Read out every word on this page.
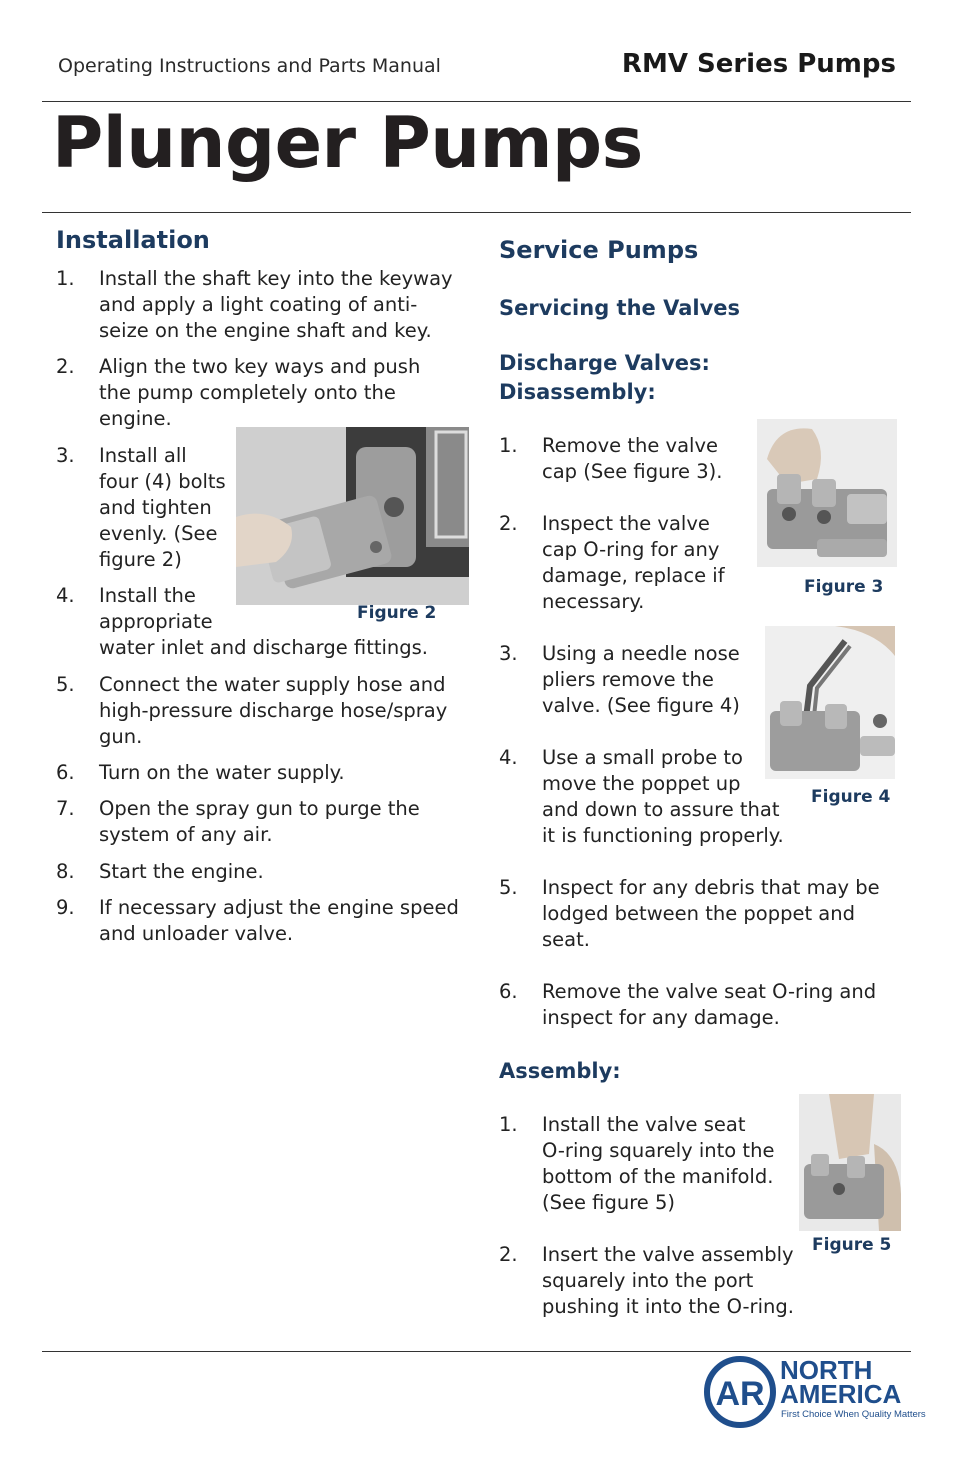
Operating Instructions and Parts Manual	RMV Series Pumps
Plunger Pumps
Installation
1.	Install the shaft key into the keyway
and apply a light coating of anti-
seize on the engine shaft and key.
2.	Align the two key ways and push
the pump completely onto the
engine.
3.	Install all
four (4) bolts
and tighten
evenly. (See
figure 2)
4.	Install the
appropriate
water inlet and discharge fittings.
5.	Connect the water supply hose and
high-pressure discharge hose/spray
gun.
6.	Turn on the water supply.
7.	Open the spray gun to purge the
system of any air.
8.	Start the engine.
9.	If necessary adjust the engine speed
and unloader valve.
Figure 2
Service Pumps
Servicing the Valves
Discharge Valves:
Disassembly:
1.	Remove the valve
cap (See figure 3).
2.	Inspect the valve
cap O-ring for any
damage, replace if
necessary.
3.	Using a needle nose
pliers remove the
valve. (See figure 4)
4.	Use a small probe to
move the poppet up
and down to assure that
it is functioning properly.
5.	Inspect for any debris that may be
lodged between the poppet and
seat.
6.	Remove the valve seat O-ring and
inspect for any damage.
Figure 3
Figure 4
Assembly:
1.	Install the valve seat
O-ring squarely into the
bottom of the manifold.
(See figure 5)
2.	Insert the valve assembly
squarely into the port
pushing it into the O-ring.
Figure 5
AR
NORTH
AMERICA
First Choice When Quality Matters
